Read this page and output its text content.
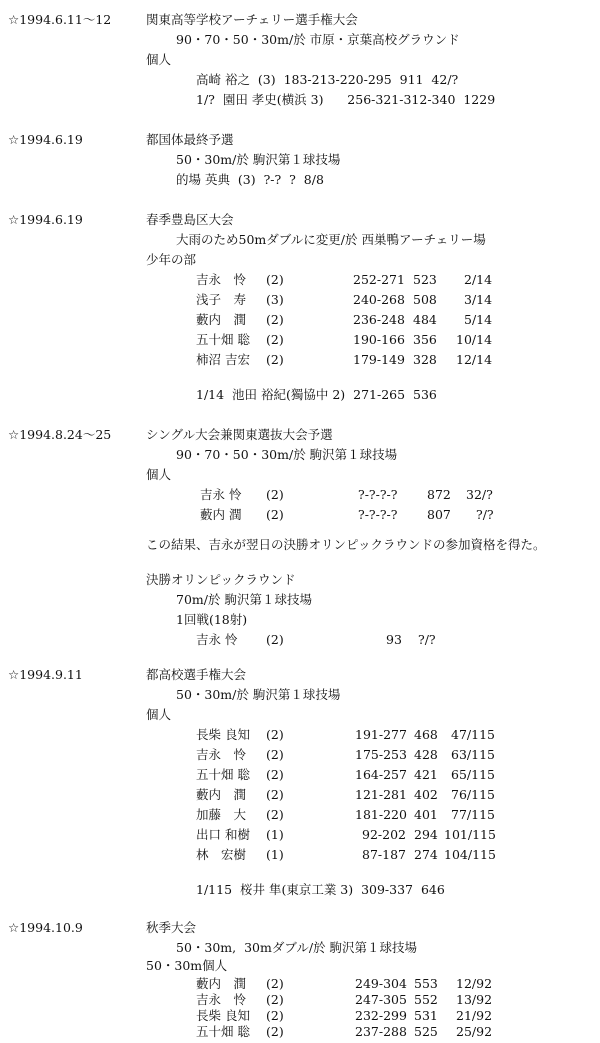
☆1994.6.11～12	関東高等学校アーチェリー選手権大会
90・70・50・30m/於 市原・京葉高校グラウンド
個人
高崎 裕之  (3)  183-213-220-295  911  42/?
1/?  園田 孝史(横浜 3)      256-321-312-340  1229
☆1994.6.19	都国体最終予選
50・30m/於 駒沢第１球技場
的場 英典  (3)  ?-?  ?  8/8
☆1994.6.19	春季豊島区大会
大雨のため50mダブルに変更/於 西巣鴨アーチェリー場
少年の部
吉永　怜 (2)	252-271 523 2/14
浅子　寿 (3)	240-268 508 3/14
藪内　潤 (2)	236-248 484 5/14
五十畑 聡 (2)	190-166 356 10/14
柿沼 吉宏 (2)	179-149 328 12/14
1/14  池田 裕紀(獨協中 2)  271-265  536
☆1994.8.24～25	シングル大会兼関東選抜大会予選
90・70・50・30m/於 駒沢第１球技場
個人
吉永 怜 (2)	?-?-?-? 872 32/?
藪内 潤 (2)	?-?-?-? 807 ?/?
この結果、吉永が翌日の決勝オリンピックラウンドの参加資格を得た。
決勝オリンピックラウンド
70m/於 駒沢第１球技場
1回戦(18射)
吉永 怜 (2)	93 ?/?
☆1994.9.11	都高校選手権大会
50・30m/於 駒沢第１球技場
個人
長柴 良知 (2)	191-277 468 47/115
吉永　怜 (2)	175-253 428 63/115
五十畑 聡 (2)	164-257 421 65/115
藪内　潤 (2)	121-281 402 76/115
加藤　大 (2)	181-220 401 77/115
出口 和樹 (1)	92-202 294 101/115
林　宏樹 (1)	87-187 274 104/115
1/115  桜井 隼(東京工業 3)  309-337  646
☆1994.10.9	秋季大会
50・30m,  30mダブル/於 駒沢第１球技場
50・30m個人
藪内　潤 (2)	249-304 553 12/92
吉永　怜 (2)	247-305 552 13/92
長柴 良知 (2)	232-299 531 21/92
五十畑 聡 (2)	237-288 525 25/92
